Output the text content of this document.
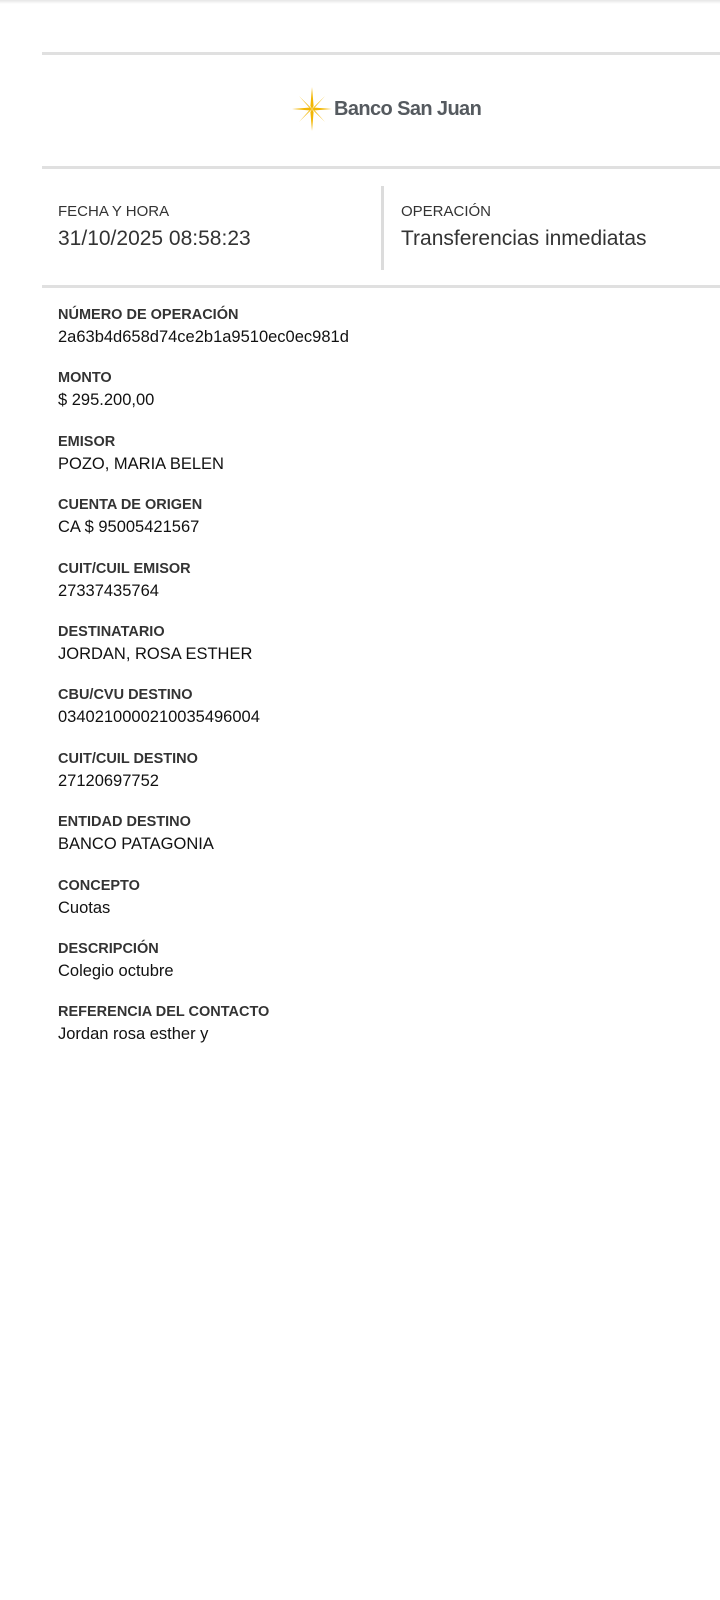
Banco San Juan
FECHA Y HORA
31/10/2025 08:58:23
OPERACIÓN
Transferencias inmediatas
NÚMERO DE OPERACIÓN
2a63b4d658d74ce2b1a9510ec0ec981d
MONTO
$ 295.200,00
EMISOR
POZO, MARIA BELEN
CUENTA DE ORIGEN
CA $ 95005421567
CUIT/CUIL EMISOR
27337435764
DESTINATARIO
JORDAN, ROSA ESTHER
CBU/CVU DESTINO
0340210000210035496004
CUIT/CUIL DESTINO
27120697752
ENTIDAD DESTINO
BANCO PATAGONIA
CONCEPTO
Cuotas
DESCRIPCIÓN
Colegio octubre
REFERENCIA DEL CONTACTO
Jordan rosa esther y
